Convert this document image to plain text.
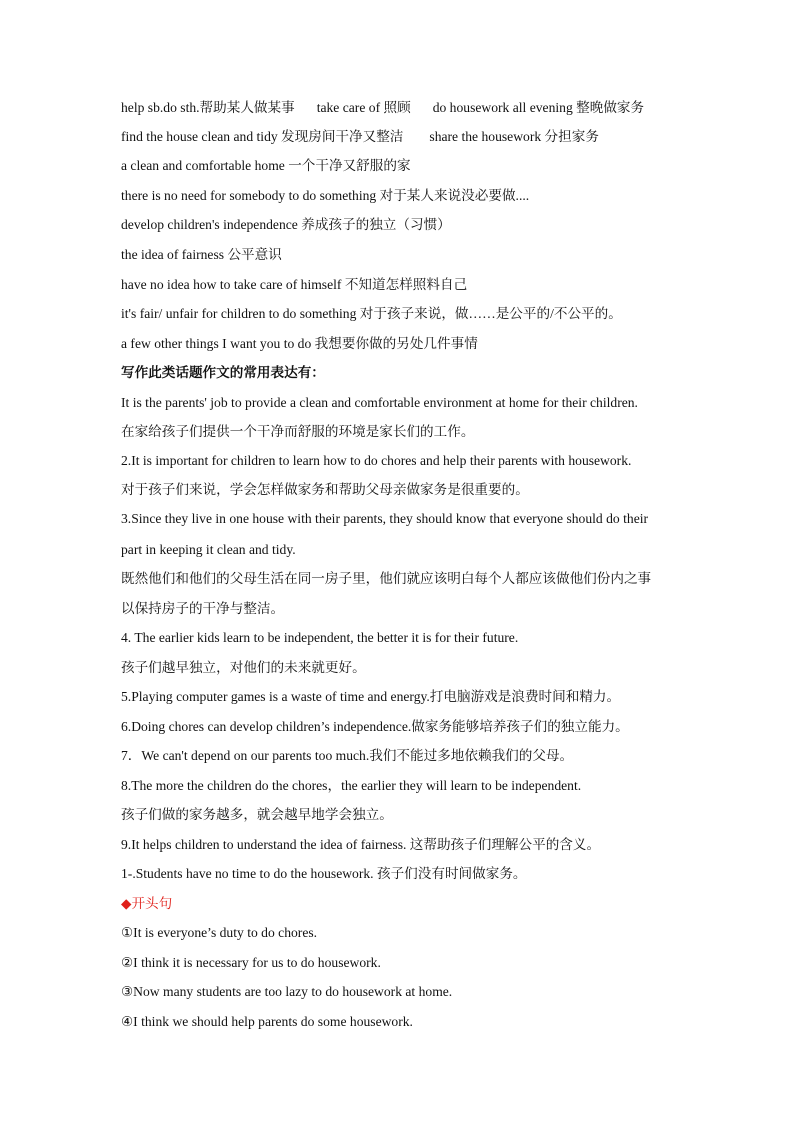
help sb.do sth.帮助某人做某事 take care of 照顾 do housework all evening 整晚做家务
find the house clean and tidy 发现房间干净又整洁 share the housework 分担家务
a clean and comfortable home 一个干净又舒服的家
there is no need for somebody to do something 对于某人来说没必要做....
develop children's independence 养成孩子的独立（习惯）
the idea of fairness 公平意识
have no idea how to take care of himself 不知道怎样照料自己
it's fair/ unfair for children to do something 对于孩子来说，做……是公平的/不公平的。
a few other things I want you to do 我想要你做的另处几件事情
写作此类话题作文的常用表达有：
It is the parents' job to provide a clean and comfortable environment at home for their children.
在家给孩子们提供一个干净而舒服的环境是家长们的工作。
2.It is important for children to learn how to do chores and help their parents with housework.
对于孩子们来说，学会怎样做家务和帮助父母亲做家务是很重要的。
3.Since they live in one house with their parents, they should know that everyone should do their
part in keeping it clean and tidy.
既然他们和他们的父母生活在同一房子里，他们就应该明白每个人都应该做他们份内之事
以保持房子的干净与整洁。
4. The earlier kids learn to be independent, the better it is for their future.
孩子们越早独立，对他们的未来就更好。
5.Playing computer games is a waste of time and energy.打电脑游戏是浪费时间和精力。
6.Doing chores can develop children’s independence.做家务能够培养孩子们的独立能力。
7．We can't depend on our parents too much.我们不能过多地依赖我们的父母。
8.The more the children do the chores，the earlier they will learn to be independent.
孩子们做的家务越多，就会越早地学会独立。
9.It helps children to understand the idea of fairness. 这帮助孩子们理解公平的含义。
1-.Students have no time to do the housework. 孩子们没有时间做家务。
◆开头句
①It is everyone’s duty to do chores.
②I think it is necessary for us to do housework.
③Now many students are too lazy to do housework at home.
④I think we should help parents do some housework.
